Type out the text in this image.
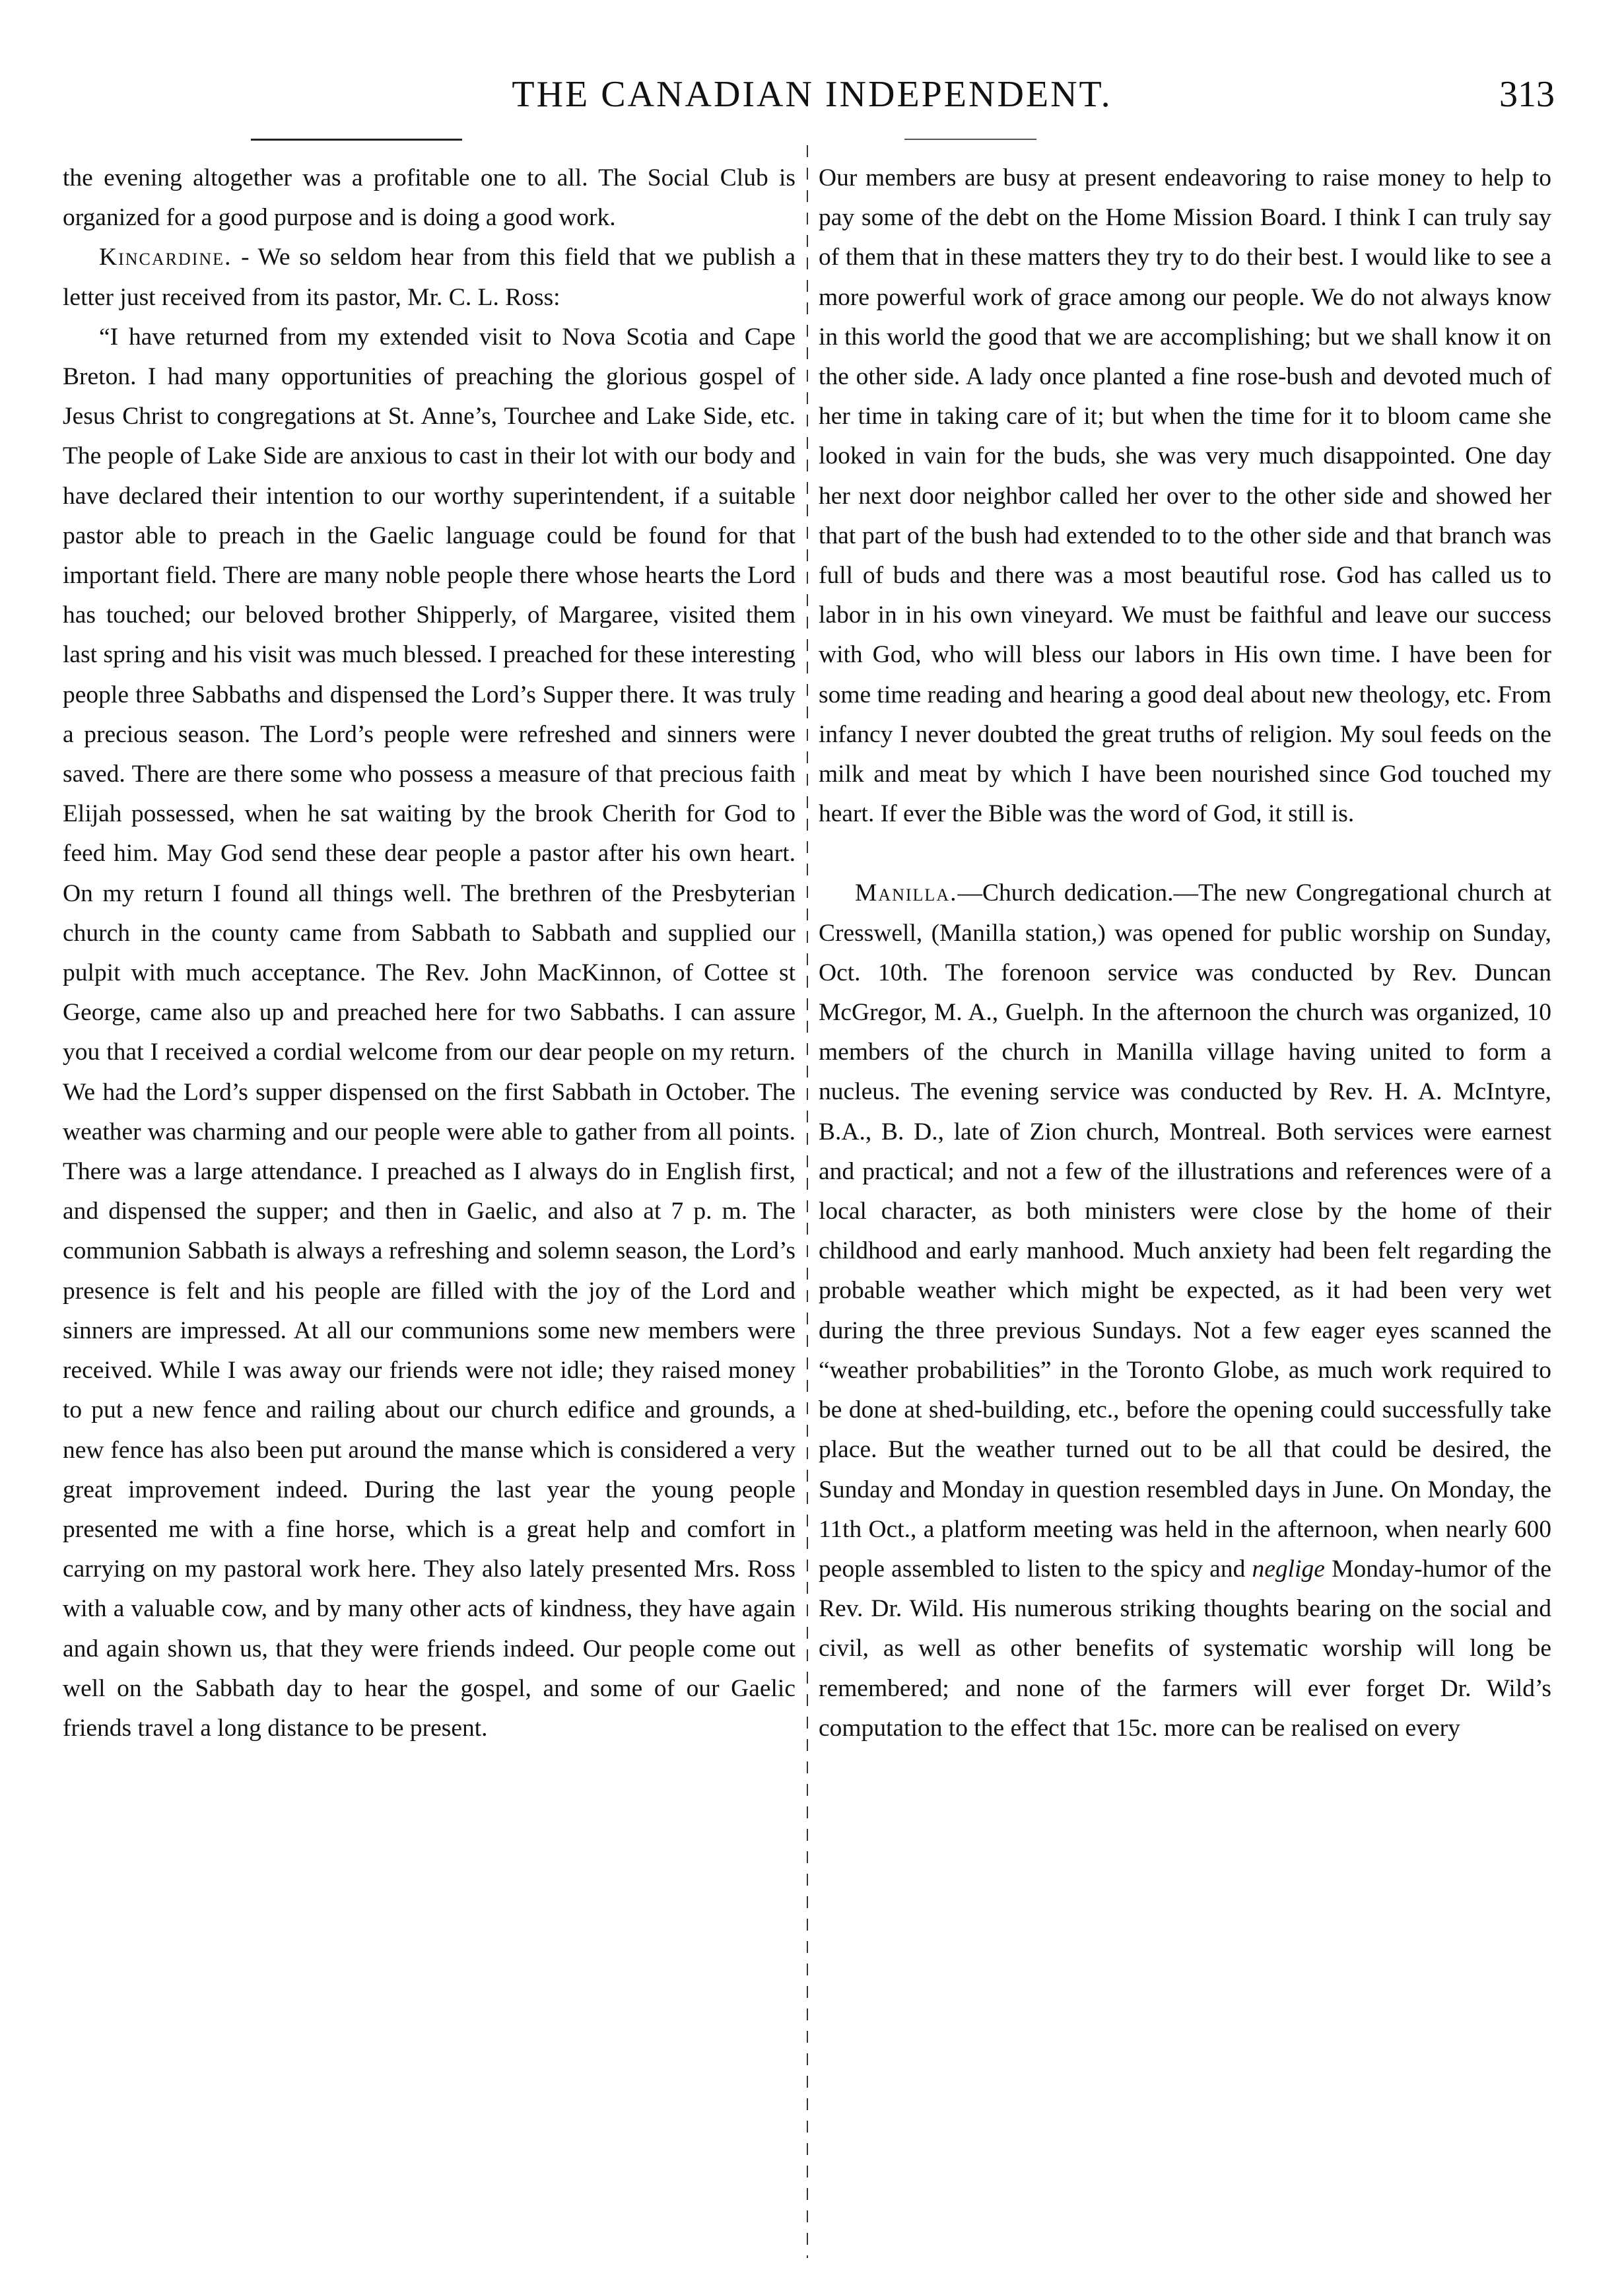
THE CANADIAN INDEPENDENT.	313

the evening altogether was a profitable one to all. The Social Club is organized for a good purpose and is doing a good work.

Kincardine. - We so seldom hear from this field that we publish a letter just received from its pastor, Mr. C. L. Ross:

“I have returned from my extended visit to Nova Scotia and Cape Breton. I had many opportunities of preaching the glorious gospel of Jesus Christ to congregations at St. Anne’s, Tourchee and Lake Side, etc. The people of Lake Side are anxious to cast in their lot with our body and have declared their intention to our worthy superintendent, if a suitable pastor able to preach in the Gaelic language could be found for that important field. There are many noble people there whose hearts the Lord has touched; our beloved brother Shipperly, of Margaree, visited them last spring and his visit was much blessed. I preached for these interesting people three Sabbaths and dispensed the Lord’s Supper there. It was truly a precious season. The Lord’s people were refreshed and sinners were saved. There are there some who possess a measure of that precious faith Elijah possessed, when he sat waiting by the brook Cherith for God to feed him. May God send these dear people a pastor after his own heart. On my return I found all things well. The brethren of the Presbyterian church in the county came from Sabbath to Sabbath and supplied our pulpit with much acceptance. The Rev. John MacKinnon, of Cottee st George, came also up and preached here for two Sabbaths. I can assure you that I received a cordial welcome from our dear people on my return. We had the Lord’s supper dispensed on the first Sabbath in October. The weather was charming and our people were able to gather from all points. There was a large attendance. I preached as I always do in English first, and dispensed the supper; and then in Gaelic, and also at 7 p. m. The communion Sabbath is always a refreshing and solemn season, the Lord’s presence is felt and his people are filled with the joy of the Lord and sinners are impressed. At all our communions some new members were received. While I was away our friends were not idle; they raised money to put a new fence and railing about our church edifice and grounds, a new fence has also been put around the manse which is considered a very great improvement indeed. During the last year the young people presented me with a fine horse, which is a great help and comfort in carrying on my pastoral work here. They also lately presented Mrs. Ross with a valuable cow, and by many other acts of kindness, they have again and again shown us, that they were friends indeed. Our people come out well on the Sabbath day to hear the gospel, and some of our Gaelic friends travel a long distance to be present.

Our members are busy at present endeavoring to raise money to help to pay some of the debt on the Home Mission Board. I think I can truly say of them that in these matters they try to do their best. I would like to see a more powerful work of grace among our people. We do not always know in this world the good that we are accomplishing; but we shall know it on the other side. A lady once planted a fine rose-bush and devoted much of her time in taking care of it; but when the time for it to bloom came she looked in vain for the buds, she was very much disappointed. One day her next door neighbor called her over to the other side and showed her that part of the bush had extended to to the other side and that branch was full of buds and there was a most beautiful rose. God has called us to labor in in his own vineyard. We must be faithful and leave our success with God, who will bless our labors in His own time. I have been for some time reading and hearing a good deal about new theology, etc. From infancy I never doubted the great truths of religion. My soul feeds on the milk and meat by which I have been nourished since God touched my heart. If ever the Bible was the word of God, it still is.

Manilla.—Church dedication.—The new Congregational church at Cresswell, (Manilla station,) was opened for public worship on Sunday, Oct. 10th. The forenoon service was conducted by Rev. Duncan McGregor, M. A., Guelph. In the afternoon the church was organized, 10 members of the church in Manilla village having united to form a nucleus. The evening service was conducted by Rev. H. A. McIntyre, B.A., B. D., late of Zion church, Montreal. Both services were earnest and practical; and not a few of the illustrations and references were of a local character, as both ministers were close by the home of their childhood and early manhood. Much anxiety had been felt regarding the probable weather which might be expected, as it had been very wet during the three previous Sundays. Not a few eager eyes scanned the “weather probabilities” in the Toronto Globe, as much work required to be done at shed-building, etc., before the opening could successfully take place. But the weather turned out to be all that could be desired, the Sunday and Monday in question resembled days in June. On Monday, the 11th Oct., a platform meeting was held in the afternoon, when nearly 600 people assembled to listen to the spicy and neglige Monday-humor of the Rev. Dr. Wild. His numerous striking thoughts bearing on the social and civil, as well as other benefits of systematic worship will long be remembered; and none of the farmers will ever forget Dr. Wild’s computation to the effect that 15c. more can be realised on every
